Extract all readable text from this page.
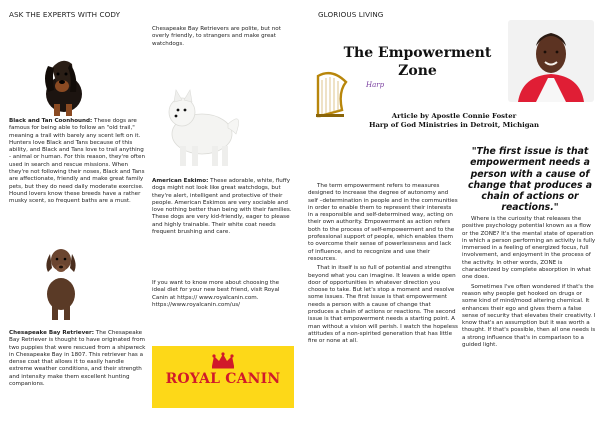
ASK THE EXPERTS WITH CODY
Black and Tan Coonhound: These dogs are famous for being able to follow an "old trail," meaning a trail with barely any scent left on it. Hunters love Black and Tans because of this ability, and Black and Tans love to trail anything - animal or human. For this reason, they're often used in search and rescue missions. When they're not following their noses, Black and Tans are affectionate, friendly and make great family pets, but they do need daily moderate exercise. Hound lovers know these breeds have a rather musky scent, so frequent baths are a must.
Chesapeake Bay Retriever: The Chesapeake Bay Retriever is thought to have originated from two puppies that were rescued from a shipwreck in Chesapeake Bay in 1807. This retriever has a dense coat that allows it to easily handle extreme weather conditions, and their strength and intensity make them excellent hunting companions.
Chesapeake Bay Retrievers are polite, but not overly friendly, to strangers and make great watchdogs.
American Eskimo: These adorable, white, fluffy dogs might not look like great watchdogs, but they're alert, intelligent and protective of their people. American Eskimos are very sociable and love nothing better than being with their families. These dogs are very kid-friendly, eager to please and highly trainable. Their white coat needs frequent brushing and care.
If you want to know more about choosing the ideal diet for your new best friend, visit Royal Canin at https:// www.royalcanin.com. https://www.royalcanin.com/us/
ROYAL CANIN
GLORIOUS LIVING
The Empowerment Zone
Harp
Article by Apostle Connie Foster
Harp of God Ministries in Detroit, Michigan
"The first issue is that empowerment needs a person with a cause of change that produces a chain of actions or reactions."

The term empowerment refers to measures designed to increase the degree of autonomy and self –determination in people and in the communities in order to enable them to represent their interests in a responsible and self-determined way, acting on their own authority. Empowerment as action refers both to the process of self-empowerment and to the professional support of people, which enables them to overcome their sense of powerlessness and lack of influence, and to recognize and use their resources.

That in itself is so full of potential and strengths beyond what you can imagine. It leaves a wide open door of opportunities in whatever direction you choose to take. But let's stop a moment and resolve some issues. The first issue is that empowerment needs a person with a cause of change that produces a chain of actions or reactions. The second issue is that empowerment needs a starting point. A man without a vision will perish. I watch the hopeless attitudes of a non-spirited generation that has little fire or none at all.

Where is the curiosity that releases the positive psychology potential known as a flow or the ZONE? It's the mental state of operation in which a person performing an activity is fully immersed in a feeling of energized focus, full involvement, and enjoyment in the process of the activity. In other words, ZONE is characterized by complete absorption in what one does.

Sometimes I've often wondered if that's the reason why people get hooked on drugs or some kind of mind/mood altering chemical. It enhances their ego and gives them a false sense of security that elevates their creativity. I know that's an assumption but it was worth a thought. If that's possible, then all one needs is a strong influence that's in comparison to a guided light.
